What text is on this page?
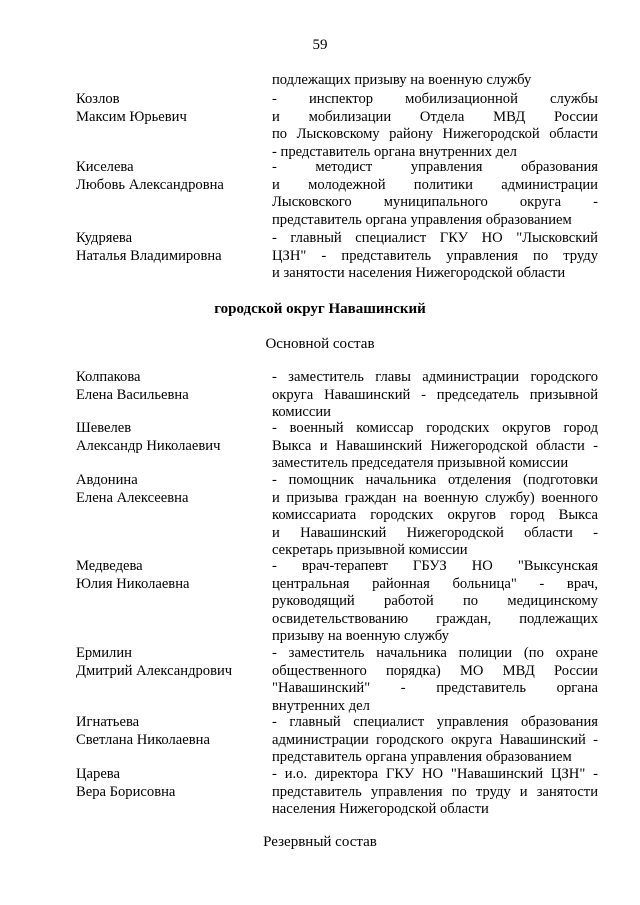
59
подлежащих призыву на военную службу
Козлов
Максим Юрьевич
- инспектор мобилизационной службы
и мобилизации Отдела МВД России
по Лысковскому району Нижегородской области
- представитель органа внутренних дел
Киселева
Любовь Александровна
- методист управления образования
и молодежной политики администрации
Лысковского муниципального округа -
представитель органа управления образованием
Кудряева
Наталья Владимировна
- главный специалист ГКУ НО "Лысковский
ЦЗН" - представитель управления по труду
и занятости населения Нижегородской области
городской округ Навашинский
Основной состав
Колпакова
Елена Васильевна
- заместитель главы администрации городского
округа Навашинский - председатель призывной
комиссии
Шевелев
Александр Николаевич
- военный комиссар городских округов город
Выкса и Навашинский Нижегородской области -
заместитель председателя призывной комиссии
Авдонина
Елена Алексеевна
- помощник начальника отделения (подготовки
и призыва граждан на военную службу) военного
комиссариата городских округов город Выкса
и Навашинский Нижегородской области -
секретарь призывной комиссии
Медведева
Юлия Николаевна
- врач-терапевт ГБУЗ НО "Выксунская
центральная районная больница" - врач,
руководящий работой по медицинскому
освидетельствованию граждан, подлежащих
призыву на военную службу
Ермилин
Дмитрий Александрович
- заместитель начальника полиции (по охране
общественного порядка) МО МВД России
"Навашинский" - представитель органа
внутренних дел
Игнатьева
Светлана Николаевна
- главный специалист управления образования
администрации городского округа Навашинский -
представитель органа управления образованием
Царева
Вера Борисовна
- и.о. директора ГКУ НО "Навашинский ЦЗН" -
представитель управления по труду и занятости
населения Нижегородской области
Резервный состав
